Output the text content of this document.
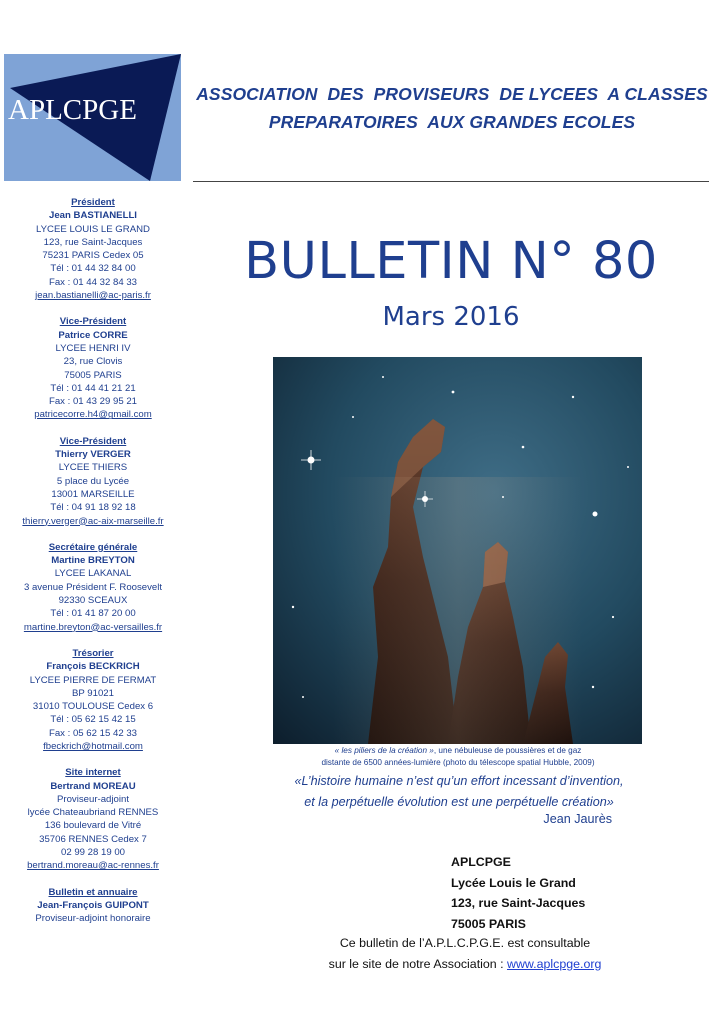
APLCPGE	ASSOCIATION  DES  PROVISEURS  DE LYCEES  A CLASSES
PREPARATOIRES  AUX GRANDES ECOLES
Président
Jean BASTIANELLI
LYCEE LOUIS LE GRAND
123, rue Saint-Jacques
75231 PARIS Cedex 05
Tél : 01 44 32 84 00
Fax : 01 44 32 84 33
jean.bastianelli@ac-paris.fr
Vice-Président
Patrice CORRE
LYCEE HENRI IV
23, rue Clovis
75005 PARIS
Tél : 01 44 41 21 21
Fax : 01 43 29 95 21
patricecorre.h4@gmail.com
Vice-Président
Thierry VERGER
LYCEE THIERS
5 place du Lycée
13001 MARSEILLE
Tél : 04 91 18 92 18
thierry.verger@ac-aix-marseille.fr
Secrétaire générale
Martine BREYTON
LYCEE LAKANAL
3 avenue Président F. Roosevelt
92330 SCEAUX
Tél : 01 41 87 20 00
martine.breyton@ac-versailles.fr
Trésorier
François BECKRICH
LYCEE PIERRE DE FERMAT
BP 91021
31010 TOULOUSE Cedex 6
Tél : 05 62 15 42 15
Fax : 05 62 15 42 33
fbeckrich@hotmail.com
Site internet
Bertrand MOREAU
Proviseur-adjoint
lycée Chateaubriand RENNES
136 boulevard de Vitré
35706 RENNES Cedex 7
02 99 28 19 00
bertrand.moreau@ac-rennes.fr
Bulletin et annuaire
Jean-François GUIPONT
Proviseur-adjoint honoraire
BULLETIN N° 80
Mars 2016
« les piliers de la création », une nébuleuse de poussières et de gaz
distante de 6500 années-lumière (photo du télescope spatial Hubble, 2009)
«L’histoire humaine n’est qu’un effort incessant d’invention,
et la perpétuelle évolution est une perpétuelle création»
Jean Jaurès
APLCPGE
Lycée Louis le Grand
123, rue Saint-Jacques
75005 PARIS
Ce bulletin de l’A.P.L.C.P.G.E. est consultable
sur le site de notre Association : www.aplcpge.org
